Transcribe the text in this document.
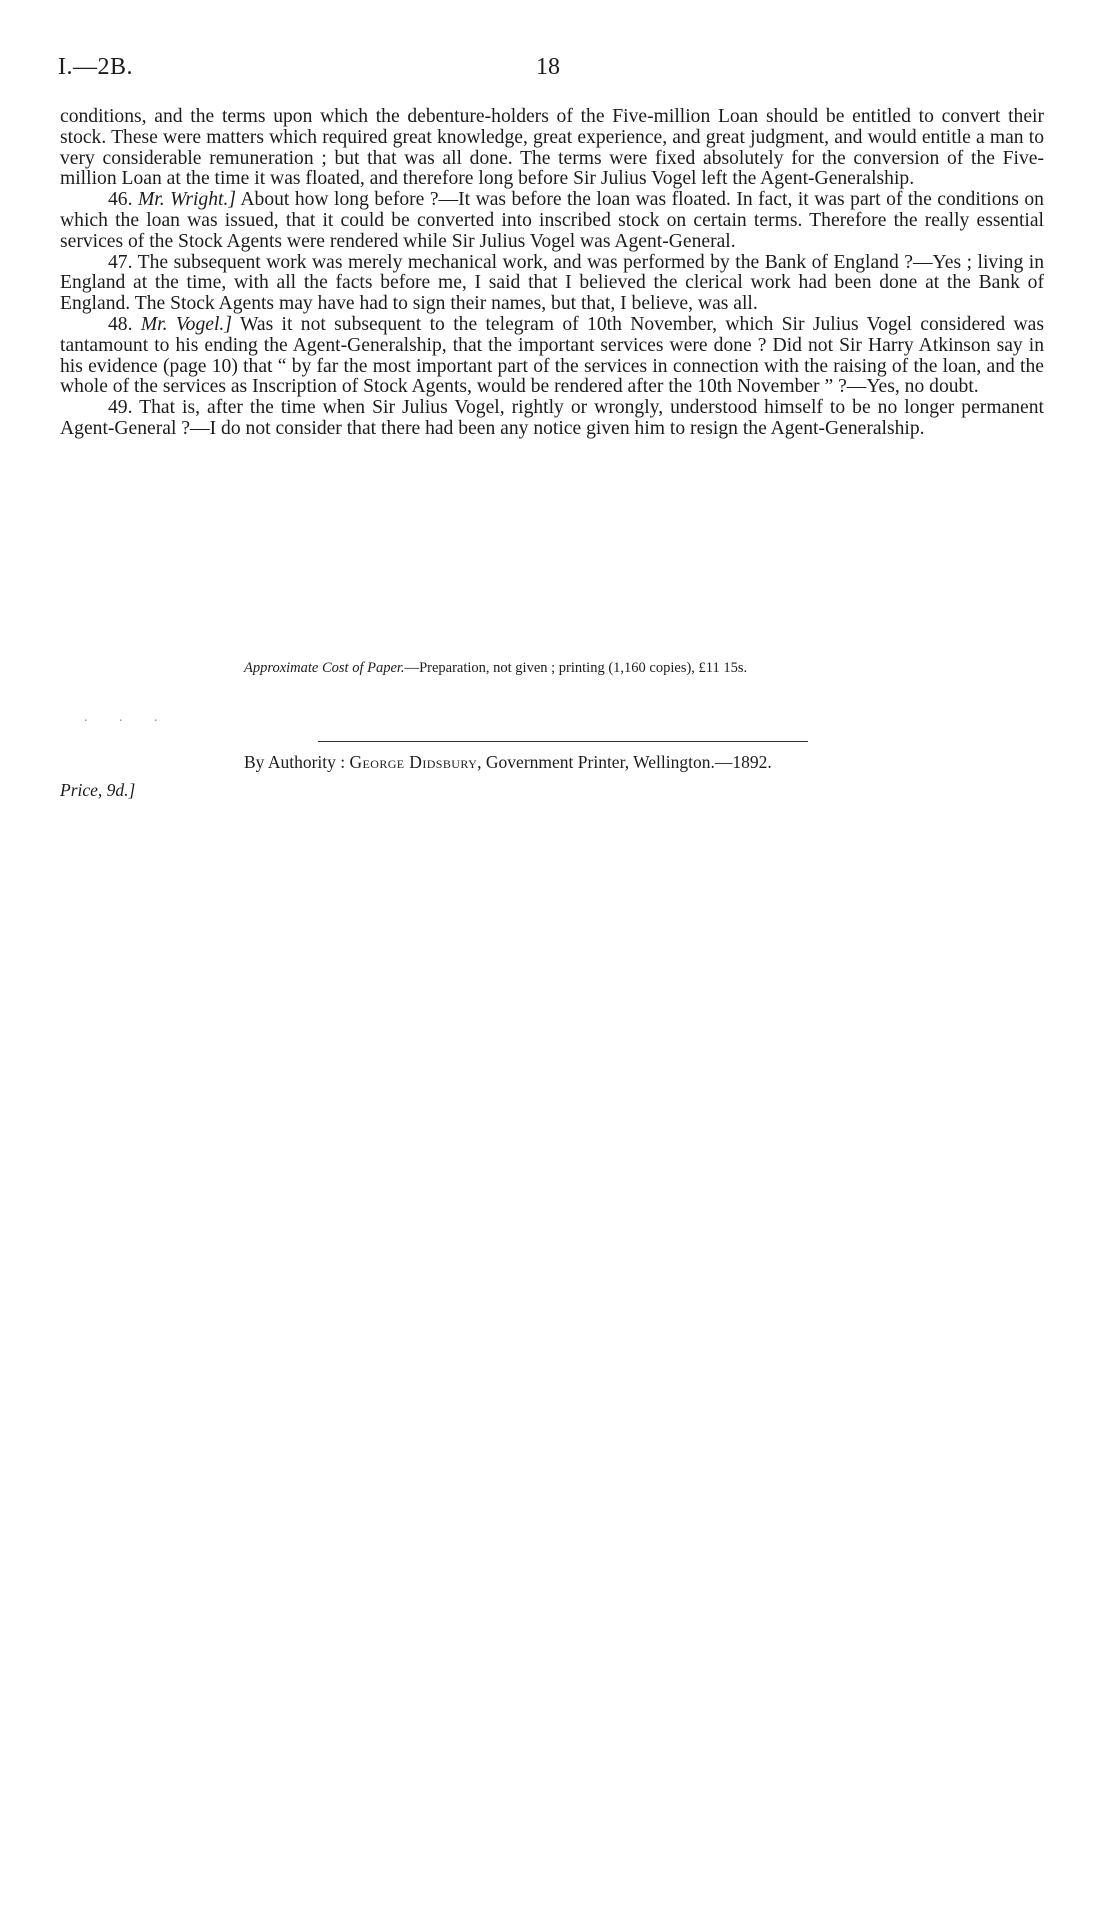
I.—2B.	18

conditions, and the terms upon which the debenture-holders of the Five-million Loan should be entitled to convert their stock. These were matters which required great knowledge, great experience, and great judgment, and would entitle a man to very considerable remuneration ; but that was all done. The terms were fixed absolutely for the conversion of the Five-million Loan at the time it was floated, and therefore long before Sir Julius Vogel left the Agent-Generalship.

46. Mr. Wright.] About how long before ?—It was before the loan was floated. In fact, it was part of the conditions on which the loan was issued, that it could be converted into inscribed stock on certain terms. Therefore the really essential services of the Stock Agents were rendered while Sir Julius Vogel was Agent-General.

47. The subsequent work was merely mechanical work, and was performed by the Bank of England ?—Yes ; living in England at the time, with all the facts before me, I said that I believed the clerical work had been done at the Bank of England. The Stock Agents may have had to sign their names, but that, I believe, was all.

48. Mr. Vogel.] Was it not subsequent to the telegram of 10th November, which Sir Julius Vogel considered was tantamount to his ending the Agent-Generalship, that the important services were done ? Did not Sir Harry Atkinson say in his evidence (page 10) that “ by far the most important part of the services in connection with the raising of the loan, and the whole of the services as Inscription of Stock Agents, would be rendered after the 10th November ” ?—Yes, no doubt.

49. That is, after the time when Sir Julius Vogel, rightly or wrongly, understood himself to be no longer permanent Agent-General ?—I do not consider that there had been any notice given him to resign the Agent-Generalship.

Approximate Cost of Paper.—Preparation, not given ; printing (1,160 copies), £11 15s.
. . .
By Authority : George Didsbury, Government Printer, Wellington.—1892.
Price, 9d.]
